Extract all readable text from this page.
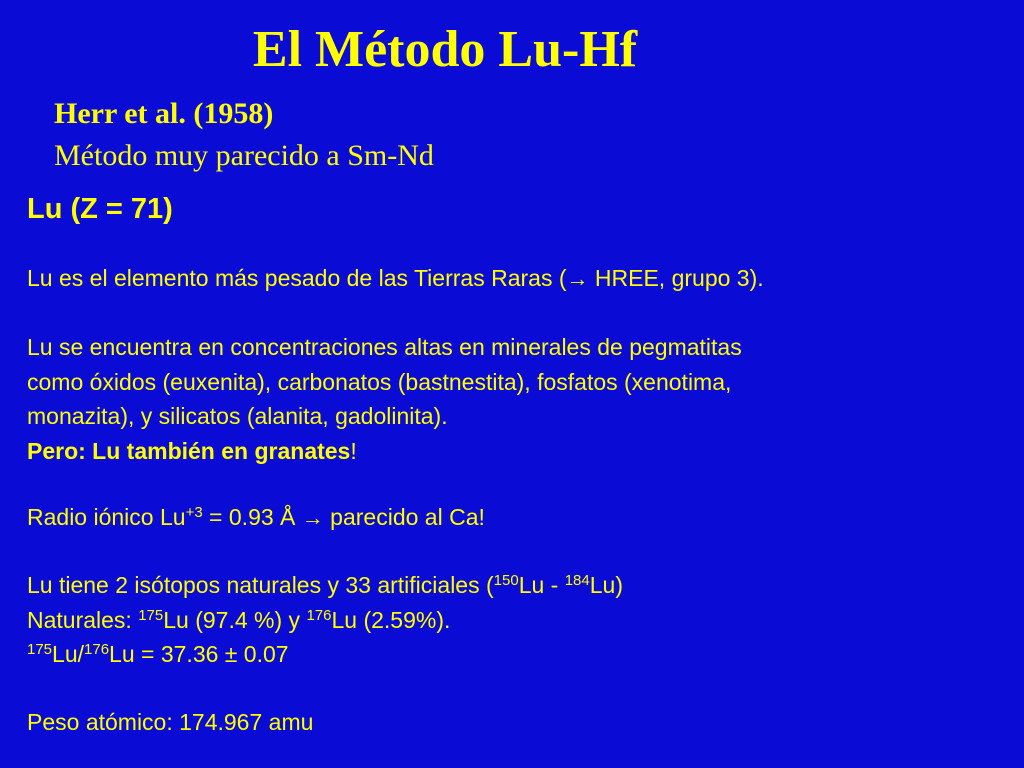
El Método Lu-Hf
Herr et al. (1958)
Método muy parecido a Sm-Nd
Lu (Z = 71)
Lu es el elemento más pesado de las Tierras Raras (→ HREE, grupo 3).
Lu se encuentra en concentraciones altas en minerales de pegmatitas
como óxidos (euxenita), carbonatos (bastnestita), fosfatos (xenotima,
monazita), y silicatos (alanita, gadolinita).
Pero: Lu también en granates!
Radio iónico $Lu^{+3} = 0.93$ Å → parecido al Ca!
Lu tiene 2 isótopos naturales y 33 artificiales ($^{150}$Lu - $^{184}$Lu)
Naturales: $^{175}$Lu (97.4 %) y $^{176}$Lu (2.59%).
$^{175}$Lu/$^{176}$Lu = 37.36 ± 0.07
Peso atómico: 174.967 amu
